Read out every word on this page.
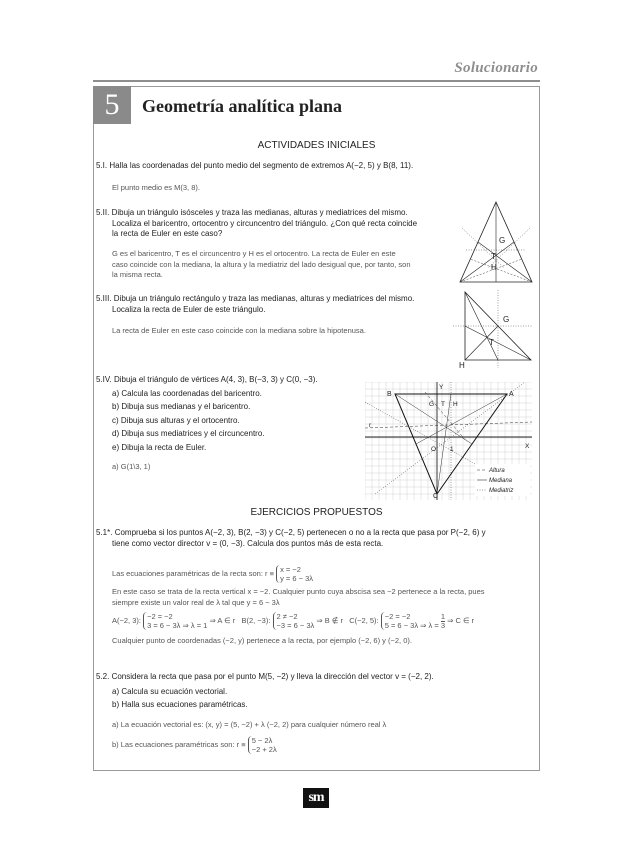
Solucionario
5	Geometría analítica plana
ACTIVIDADES INICIALES
5.I. Halla las coordenadas del punto medio del segmento de extremos A(−2, 5) y B(8, 11).
El punto medio es M(3, 8).
5.II. Dibuja un triángulo isósceles y traza las medianas, alturas y mediatrices del mismo.
Localiza el baricentro, ortocentro y circuncentro del triángulo. ¿Con qué recta coincide
la recta de Euler en este caso?
G es el baricentro, T es el circuncentro y H es el ortocentro. La recta de Euler en este
caso coincide con la mediana, la altura y la mediatriz del lado desigual que, por tanto, son
la misma recta.
G
T
H
5.III. Dibuja un triángulo rectángulo y traza las medianas, alturas y mediatrices del mismo.
Localiza la recta de Euler de este triángulo.
La recta de Euler en este caso coincide con la mediana sobre la hipotenusa.
G
T
H
5.IV. Dibuja el triángulo de vértices A(4, 3), B(−3, 3) y C(0, −3).
a) Calcula las coordenadas del baricentro.
b) Dibuja sus medianas y el baricentro.
c) Dibuja sus alturas y el ortocentro.
d) Dibuja sus mediatrices y el circuncentro.
e) Dibuja la recta de Euler.
a) G(1\3, 1)
A
B
C
G T H
O 1	X
Y
r
Altura
Mediana
Mediatriz
EJERCICIOS PROPUESTOS
5.1*. Comprueba si los puntos A(−2, 3), B(2, −3) y C(−2, 5) pertenecen o no a la recta que pasa por P(−2, 6) y
tiene como vector director v = (0, −3). Calcula dos puntos más de esta recta.
Las ecuaciones paramétricas de la recta son: r ≡ x = −2
y = 6 − 3λ
En este caso se trata de la recta vertical x = −2. Cualquier punto cuya abscisa sea −2 pertenece a la recta, pues
siempre existe un valor real de λ tal que y = 6 − 3λ
A(−2, 3): −2 = −2
3 = 6 − 3λ ⇒ λ = 1
⇒ A ∈ r B(2, −3): 2 ≠ −2
−3 = 6 − 3λ
⇒ B ∉ r C(−2, 5): −2 = −2
5 = 6 − 3λ ⇒ λ =
$\frac{1}{3}$ ⇒ C ∈ r
Cualquier punto de coordenadas (−2, y) pertenece a la recta, por ejemplo (−2, 6) y (−2, 0).
5.2. Considera la recta que pasa por el punto M(5, −2) y lleva la dirección del vector v = (−2, 2).
a) Calcula su ecuación vectorial.
b) Halla sus ecuaciones paramétricas.
a) La ecuación vectorial es: (x, y) = (5, −2) + λ (−2, 2) para cualquier número real λ
b) Las ecuaciones paramétricas son: r ≡ 5 − 2λ
−2 + 2λ
sm
